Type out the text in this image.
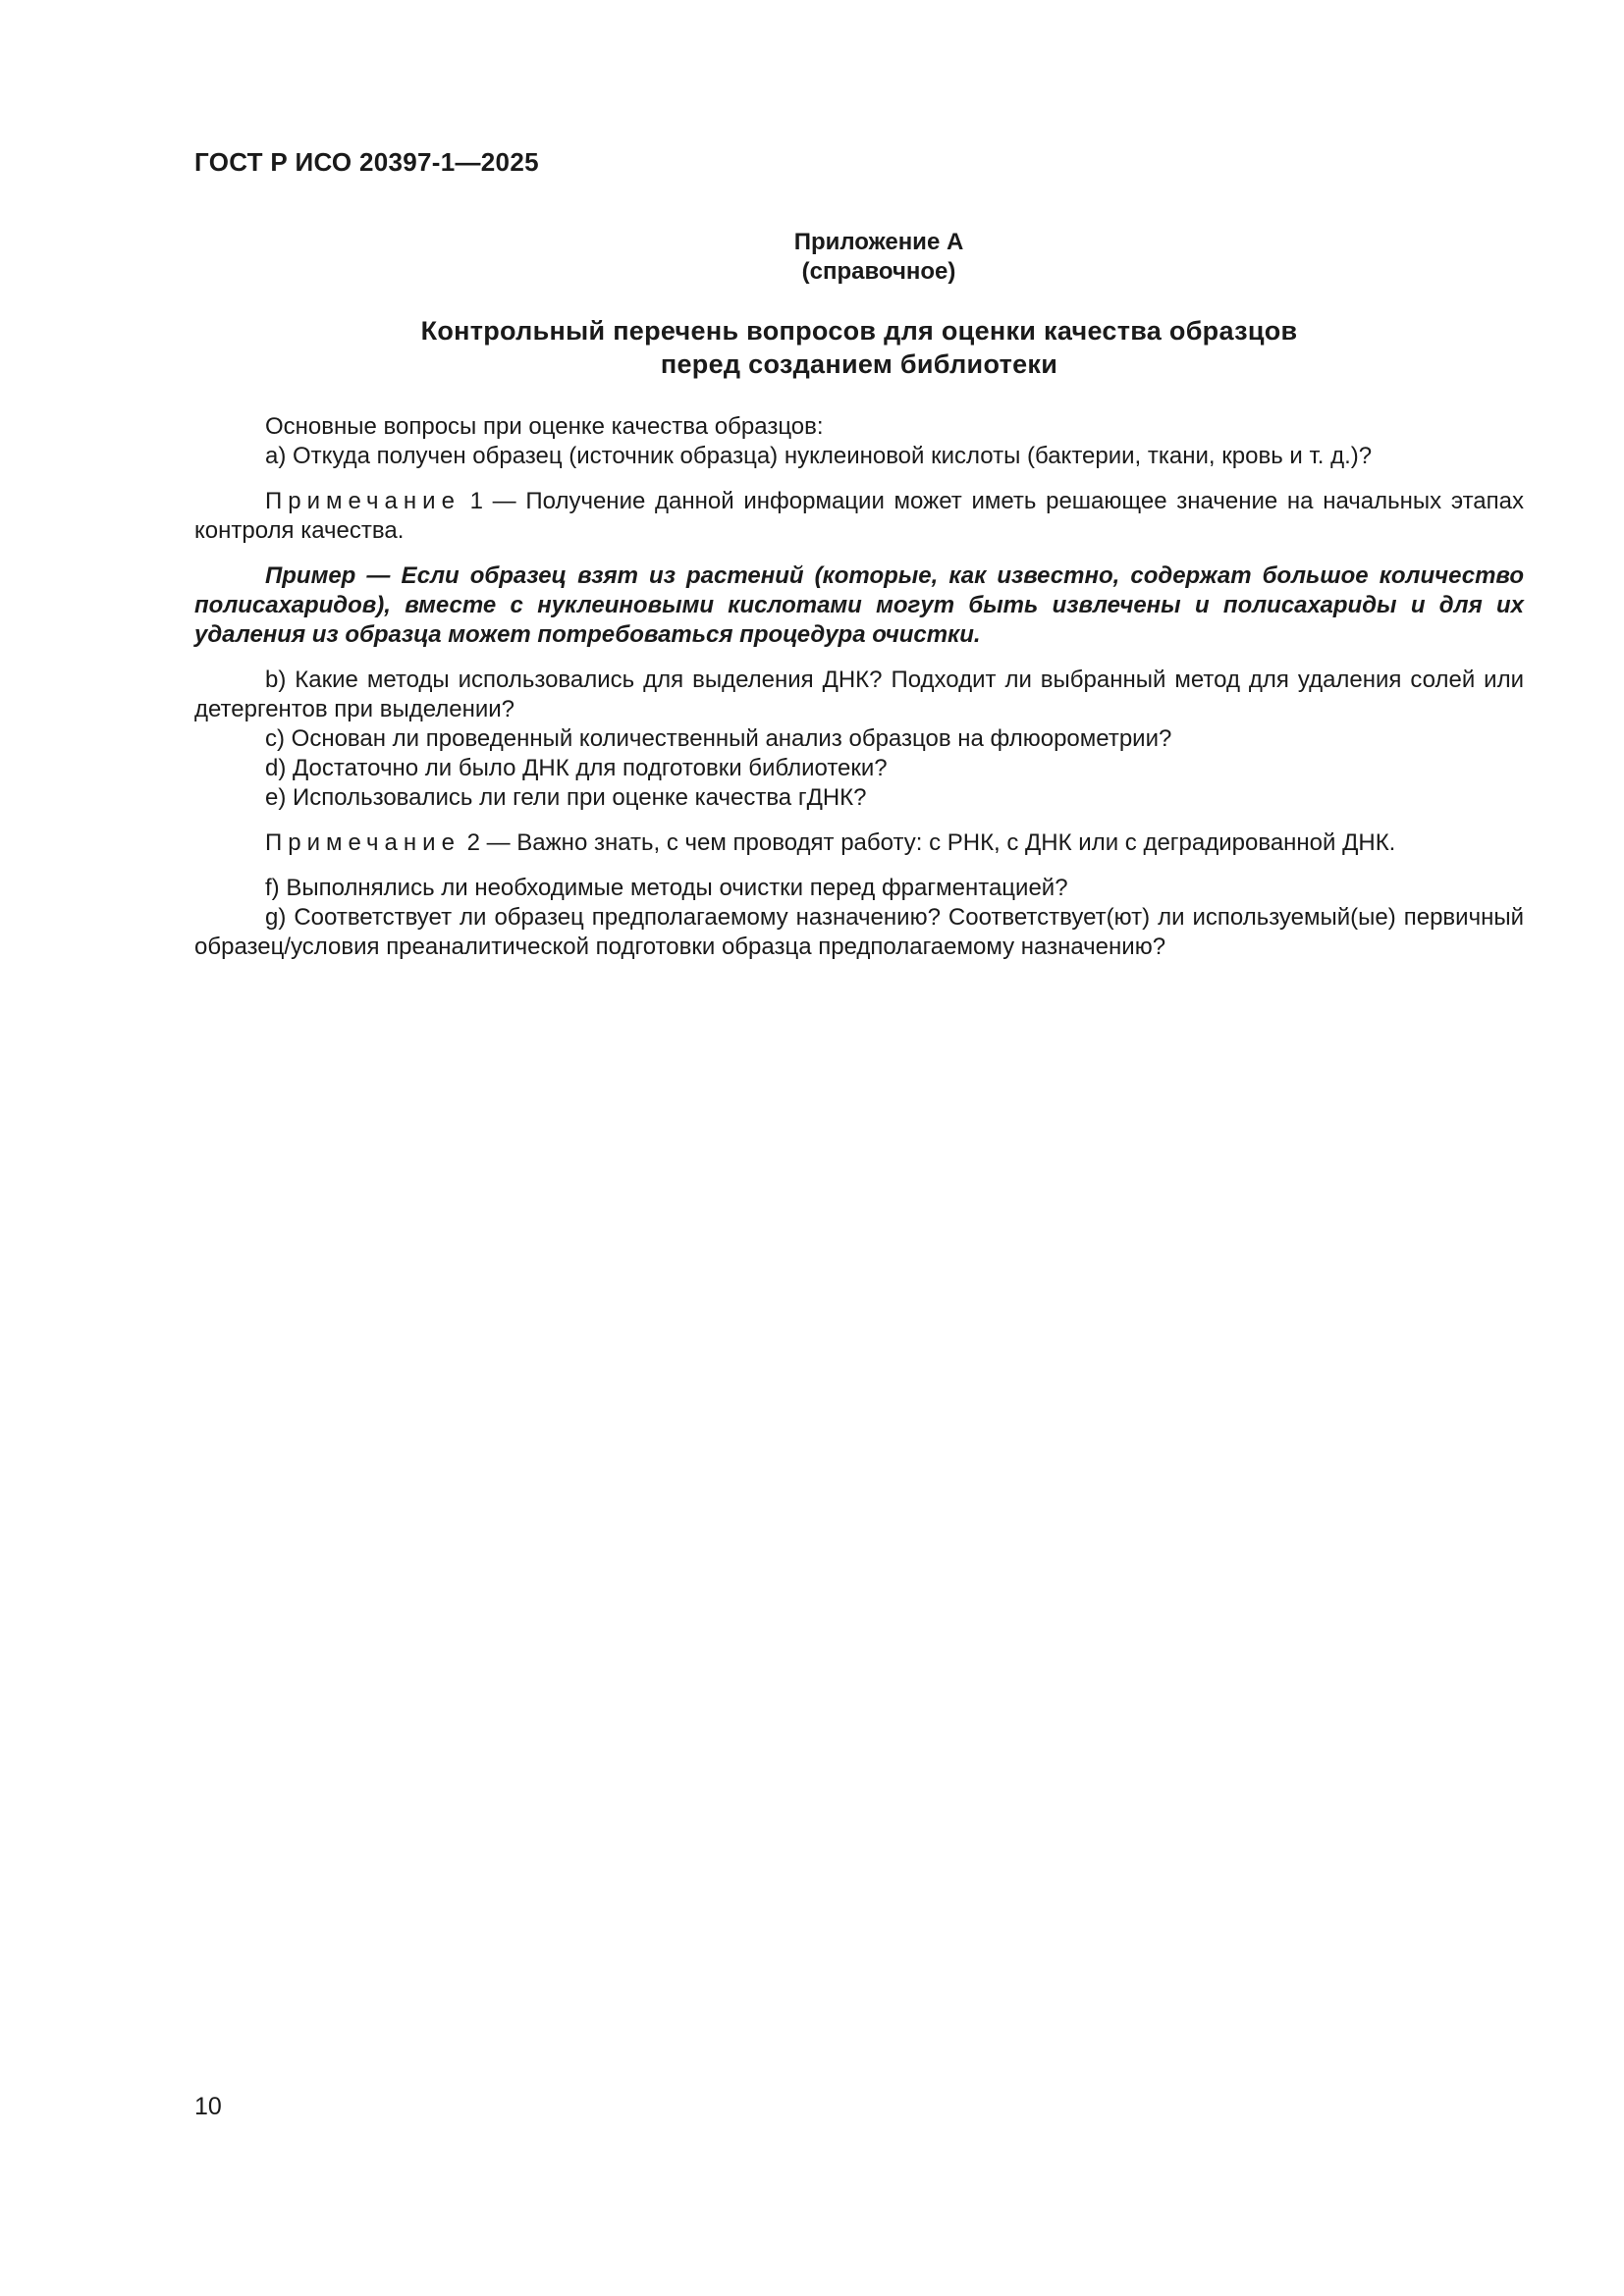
ГОСТ Р ИСО 20397-1—2025
Приложение А
(справочное)
Контрольный перечень вопросов для оценки качества образцов
перед созданием библиотеки

Основные вопросы при оценке качества образцов:

а) Откуда получен образец (источник образца) нуклеиновой кислоты (бактерии, ткани, кровь и т. д.)?

Примечание 1 — Получение данной информации может иметь решающее значение на начальных этапах контроля качества.

Пример — Если образец взят из растений (которые, как известно, содержат большое количество полисахаридов), вместе с нуклеиновыми кислотами могут быть извлечены и полисахариды и для их удаления из образца может потребоваться процедура очистки.

b) Какие методы использовались для выделения ДНК? Подходит ли выбранный метод для удаления солей или детергентов при выделении?

с) Основан ли проведенный количественный анализ образцов на флюорометрии?

d) Достаточно ли было ДНК для подготовки библиотеки?

е) Использовались ли гели при оценке качества гДНК?

Примечание 2 — Важно знать, с чем проводят работу: с РНК, с ДНК или с деградированной ДНК.

f) Выполнялись ли необходимые методы очистки перед фрагментацией?

g) Соответствует ли образец предполагаемому назначению? Соответствует(ют) ли используемый(ые) первичный образец/условия преаналитической подготовки образца предполагаемому назначению?

10
